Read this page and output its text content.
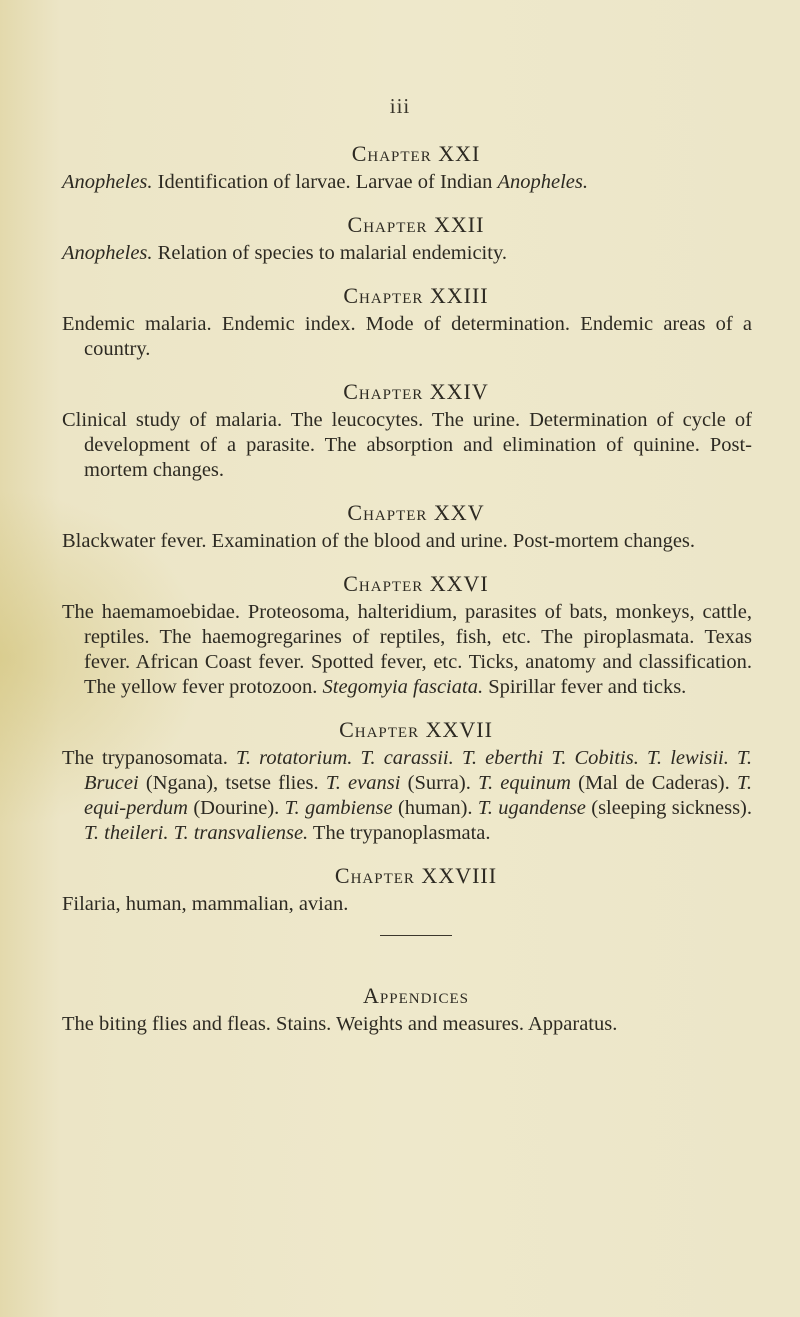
iii
Chapter XXI

Anopheles. Identification of larvae. Larvae of Indian Anopheles.

Chapter XXII

Anopheles. Relation of species to malarial endemicity.

Chapter XXIII

Endemic malaria. Endemic index. Mode of determination. Endemic areas of a country.

Chapter XXIV

Clinical study of malaria. The leucocytes. The urine. Determination of cycle of development of a parasite. The absorption and elimination of quinine. Post-mortem changes.

Chapter XXV

Blackwater fever. Examination of the blood and urine. Post-mortem changes.

Chapter XXVI

The haemamoebidae. Proteosoma, halteridium, parasites of bats, monkeys, cattle, reptiles. The haemogregarines of reptiles, fish, etc. The piroplasmata. Texas fever. African Coast fever. Spotted fever, etc. Ticks, anatomy and classification. The yellow fever protozoon. Stegomyia fasciata. Spirillar fever and ticks.

Chapter XXVII

The trypanosomata. T. rotatorium. T. carassii. T. eberthi T. Cobitis. T. lewisii. T. Brucei (Ngana), tsetse flies. T. evansi (Surra). T. equinum (Mal de Caderas). T. equi-perdum (Dourine). T. gambiense (human). T. ugandense (sleeping sickness). T. theileri. T. transvaliense. The trypanoplasmata.

Chapter XXVIII

Filaria, human, mammalian, avian.

Appendices

The biting flies and fleas. Stains. Weights and measures. Apparatus.
